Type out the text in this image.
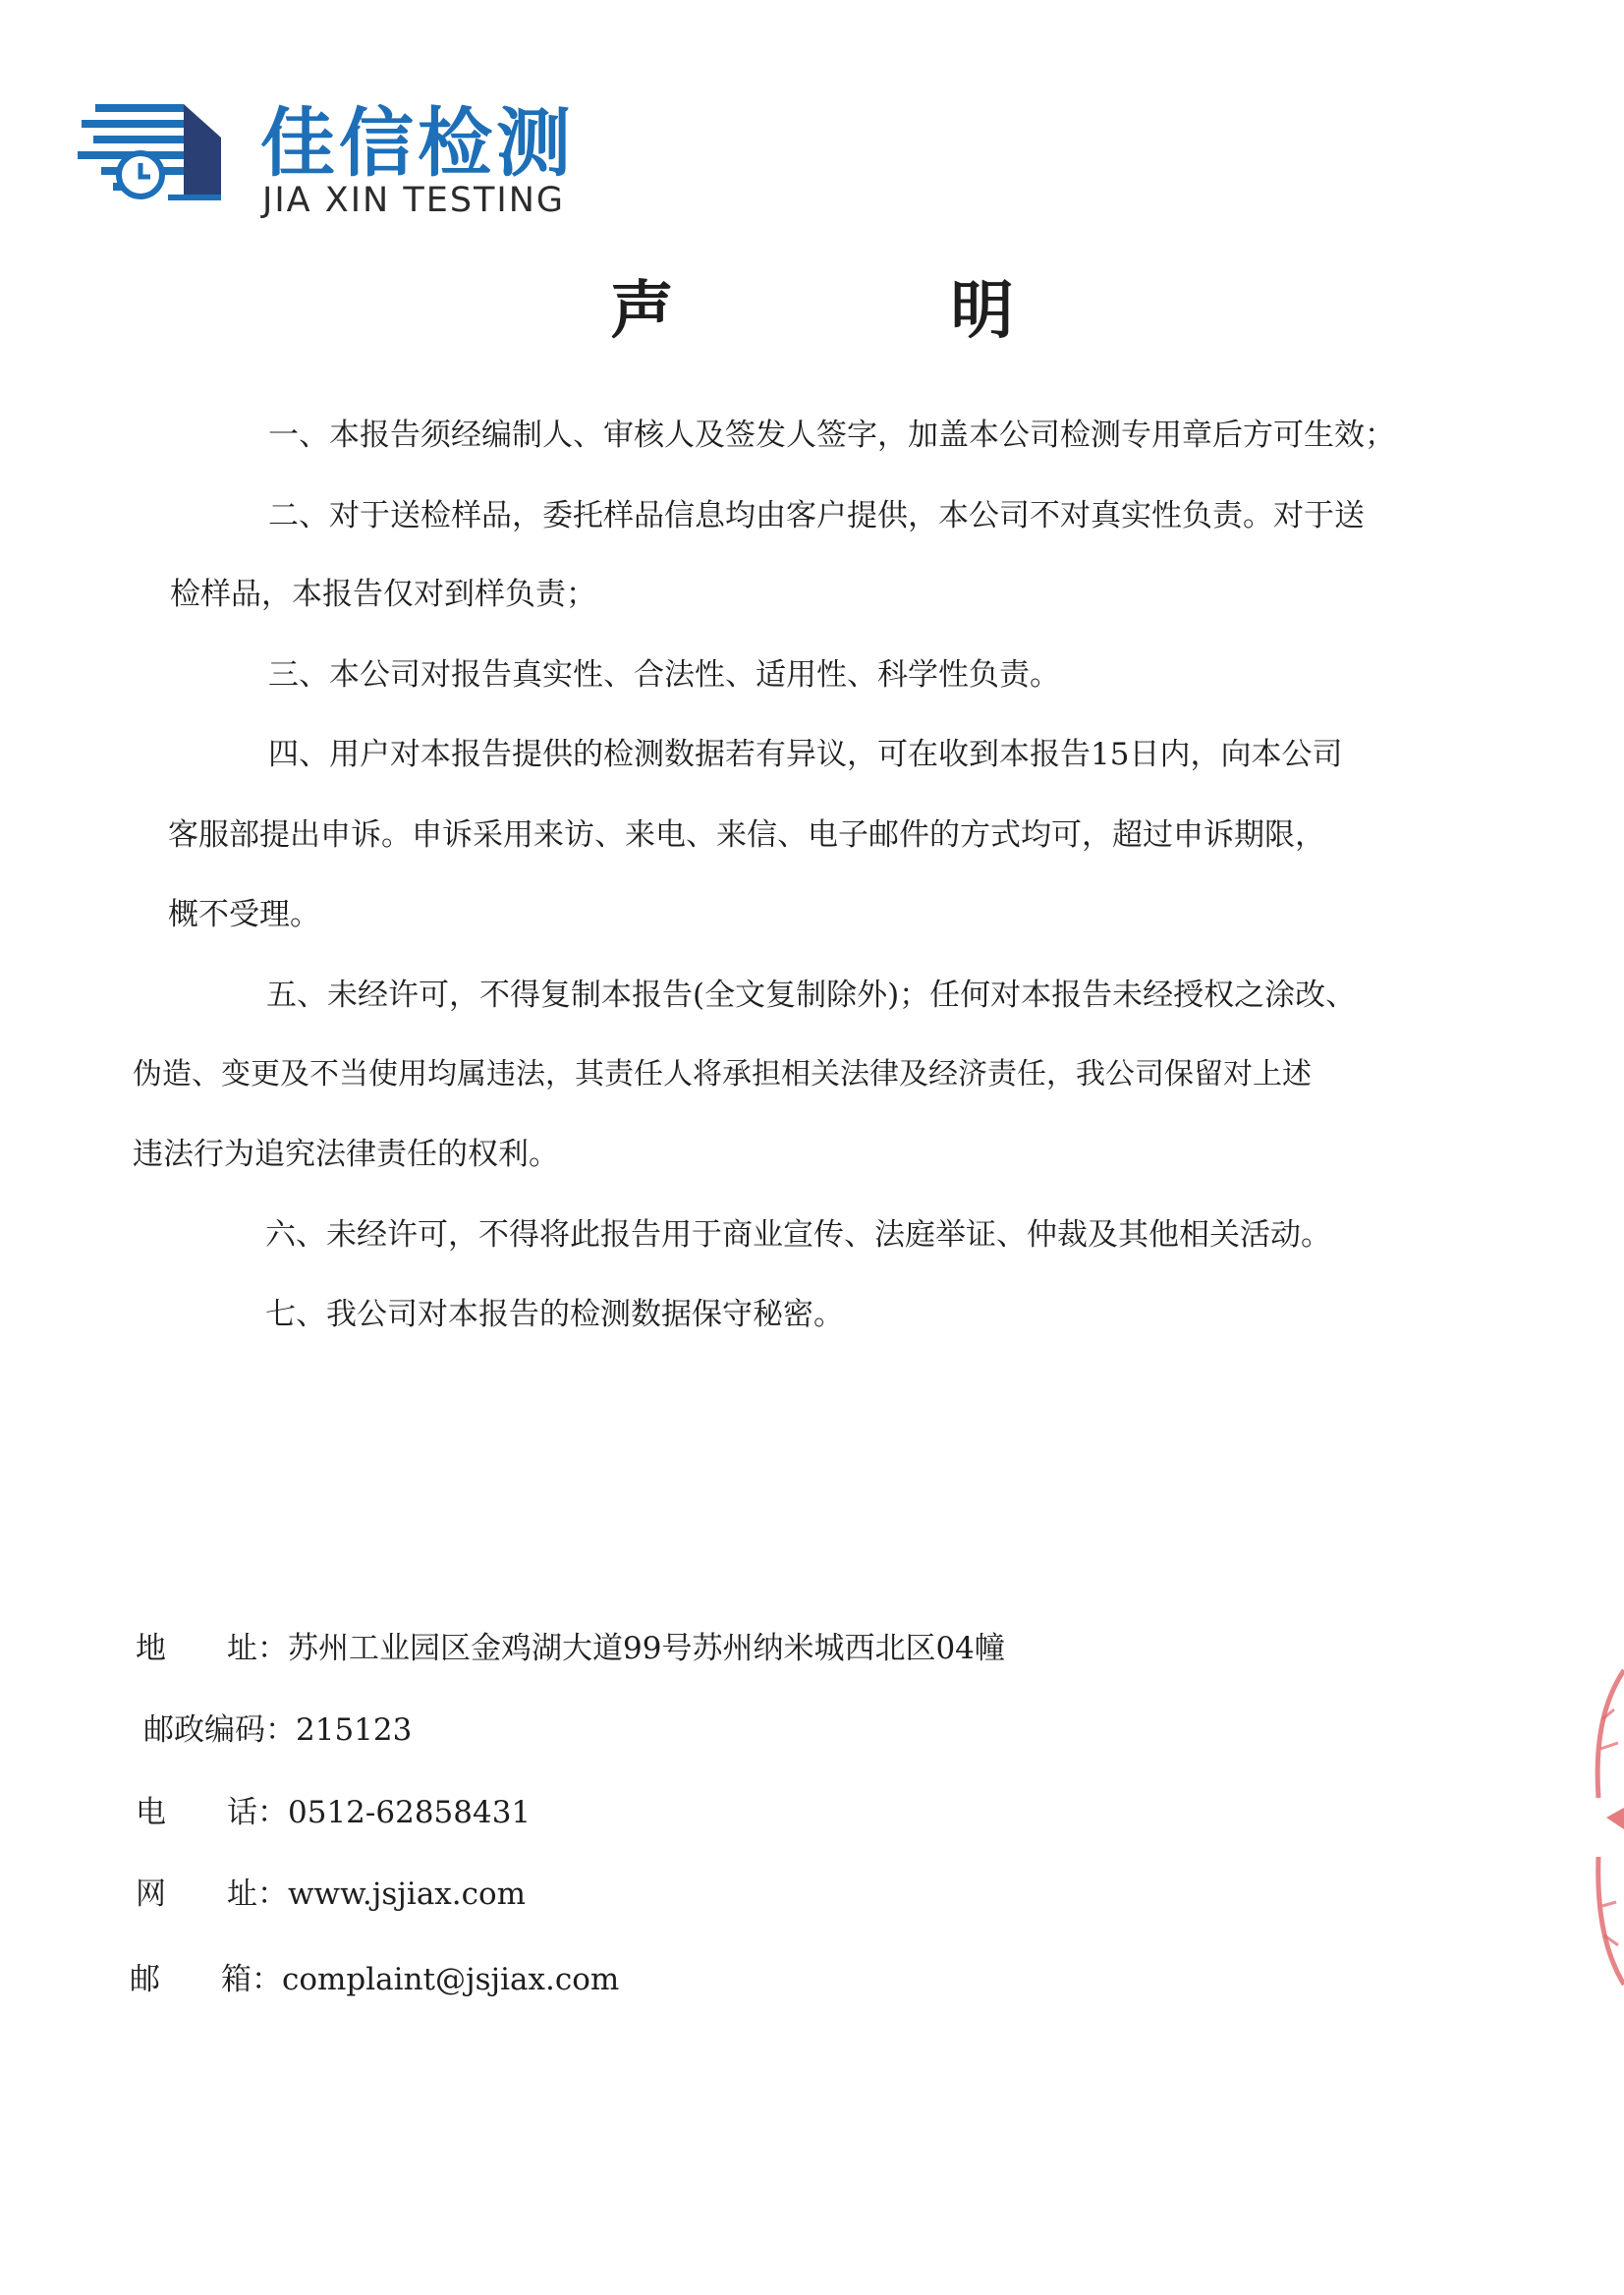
佳信检测
JIA XIN TESTING
声 明
一、本报告须经编制人、审核人及签发人签字，加盖本公司检测专用章后方可生效；
二、对于送检样品，委托样品信息均由客户提供，本公司不对真实性负责。对于送
检样品，本报告仅对到样负责；
三、本公司对报告真实性、合法性、适用性、科学性负责。
四、用户对本报告提供的检测数据若有异议，可在收到本报告15日内，向本公司
客服部提出申诉。申诉采用来访、来电、来信、电子邮件的方式均可，超过申诉期限，
概不受理。
五、未经许可，不得复制本报告(全文复制除外)；任何对本报告未经授权之涂改、
伪造、变更及不当使用均属违法，其责任人将承担相关法律及经济责任，我公司保留对上述
违法行为追究法律责任的权利。
六、未经许可，不得将此报告用于商业宣传、法庭举证、仲裁及其他相关活动。
七、我公司对本报告的检测数据保守秘密。
地　　址：苏州工业园区金鸡湖大道99号苏州纳米城西北区04幢
邮政编码：215123
电　　话：0512-62858431
网　　址：www.jsjiax.com
邮　　箱：complaint@jsjiax.com
